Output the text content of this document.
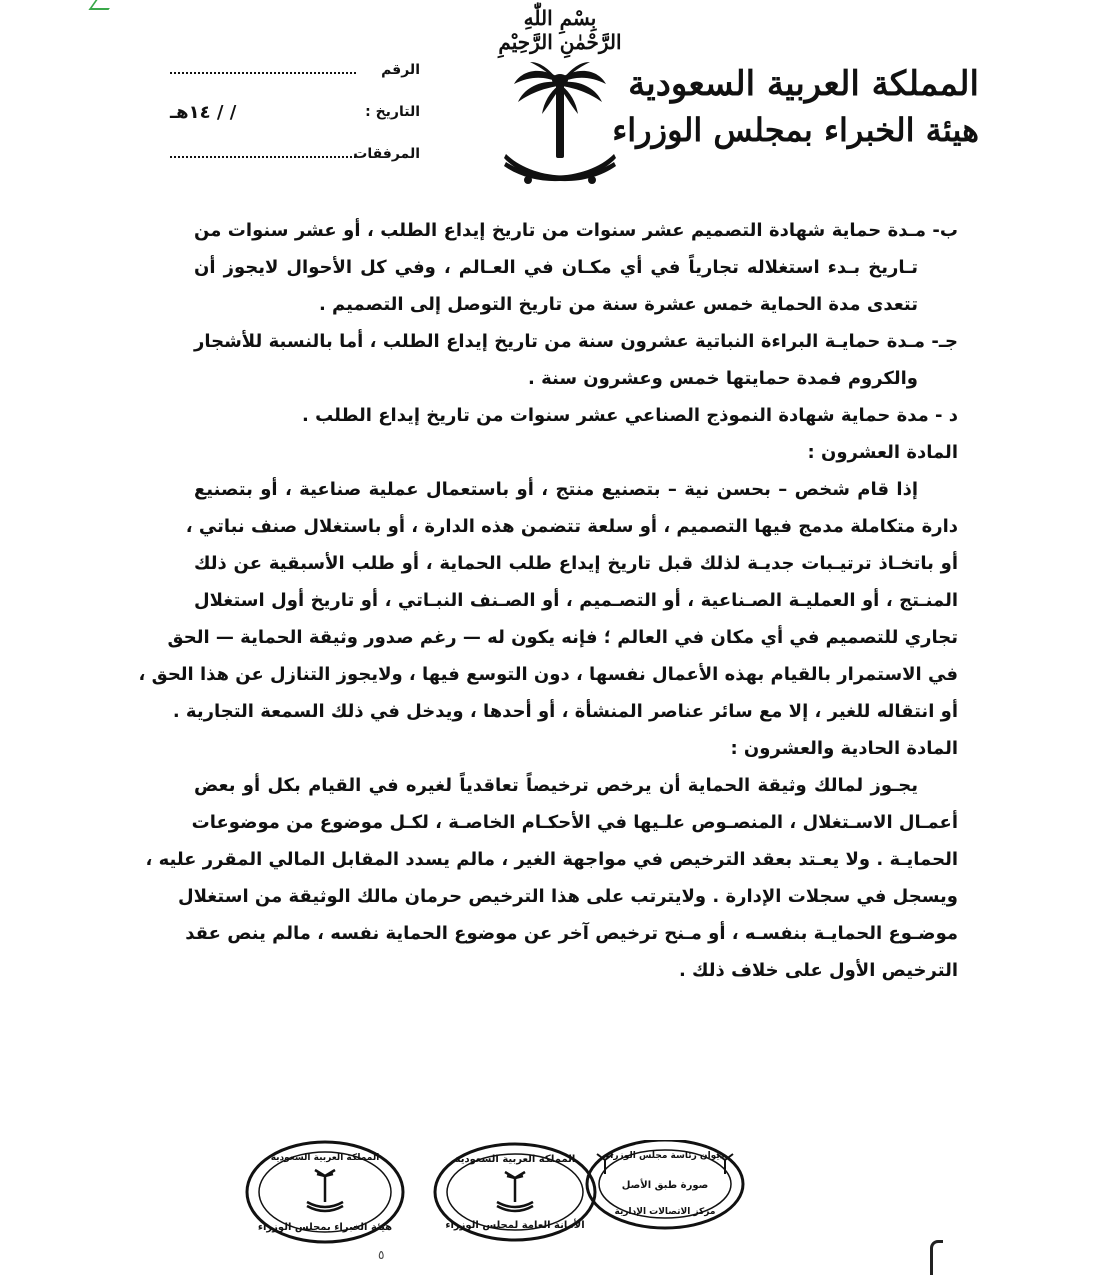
بِسْمِ اللّٰهِ الرَّحْمٰنِ الرَّحِيْمِ
المملكة العربية السعودية
هيئة الخبراء بمجلس الوزراء
الرقم
التاريخ :
/ / ١٤هـ
المرفقات
ب- مـدة حماية شهادة التصميم عشر سنوات من تاريخ إيداع الطلب ، أو عشر سنوات من
تـاريخ بـدء استغلاله تجارياً في أي مكـان في العـالم ، وفي كل الأحوال لايجوز أن
تتعدى مدة الحماية خمس عشرة سنة من تاريخ التوصل إلى التصميم .
جـ- مـدة حمايـة البراءة النباتية عشرون سنة من تاريخ إيداع الطلب ، أما بالنسبة للأشجار
والكروم فمدة حمايتها خمس وعشرون سنة .
د - مدة حماية شهادة النموذج الصناعي عشر سنوات من تاريخ إيداع الطلب .
المادة العشرون :
إذا قام شخص – بحسن نية – بتصنيع منتج ، أو باستعمال عملية صناعية ، أو بتصنيع
دارة متكاملة مدمج فيها التصميم ، أو سلعة تتضمن هذه الدارة ، أو باستغلال صنف نباتي ،
أو باتخـاذ ترتيـبات جديـة لذلك قبل تاريخ إيداع طلب الحماية ، أو طلب الأسبقية عن ذلك
المنـتج ، أو العمليـة الصـناعية ، أو التصـميم ، أو الصـنف النبـاتي ، أو تاريخ أول استغلال
تجاري للتصميم في أي مكان في العالم ؛ فإنه يكون له — رغم صدور وثيقة الحماية — الحق
في الاستمرار بالقيام بهذه الأعمال نفسها ، دون التوسع فيها ، ولايجوز التنازل عن هذا الحق ،
أو انتقاله للغير ، إلا مع سائر عناصر المنشأة ، أو أحدها ، ويدخل في ذلك السمعة التجارية .
المادة الحادية والعشرون :
يجـوز لمالك وثيقة الحماية أن يرخص ترخيصاً تعاقدياً لغيره في القيام بكل أو بعض
أعمـال الاسـتغلال ، المنصـوص علـيها في الأحكـام الخاصـة ، لكـل موضوع من موضوعات
الحمايـة . ولا يعـتد بعقد الترخيص في مواجهة الغير ، مالم يسدد المقابل المالي المقرر عليه ،
ويسجل في سجلات الإدارة . ولايترتب على هذا الترخيص حرمان مالك الوثيقة من استغلال
موضـوع الحمايـة بنفسـه ، أو مـنح ترخيص آخر عن موضوع الحماية نفسه ، مالم ينص عقد
الترخيص الأول على خلاف ذلك .
المملكة العربية السعودية
هيئة الخبراء بمجلس الوزراء
المملكة العربية السعودية
الأمانة العامة لمجلس الوزراء
ديوان رئاسة مجلس الوزراء
صورة طبق الأصل
مركز الاتصالات الإدارية
٥
